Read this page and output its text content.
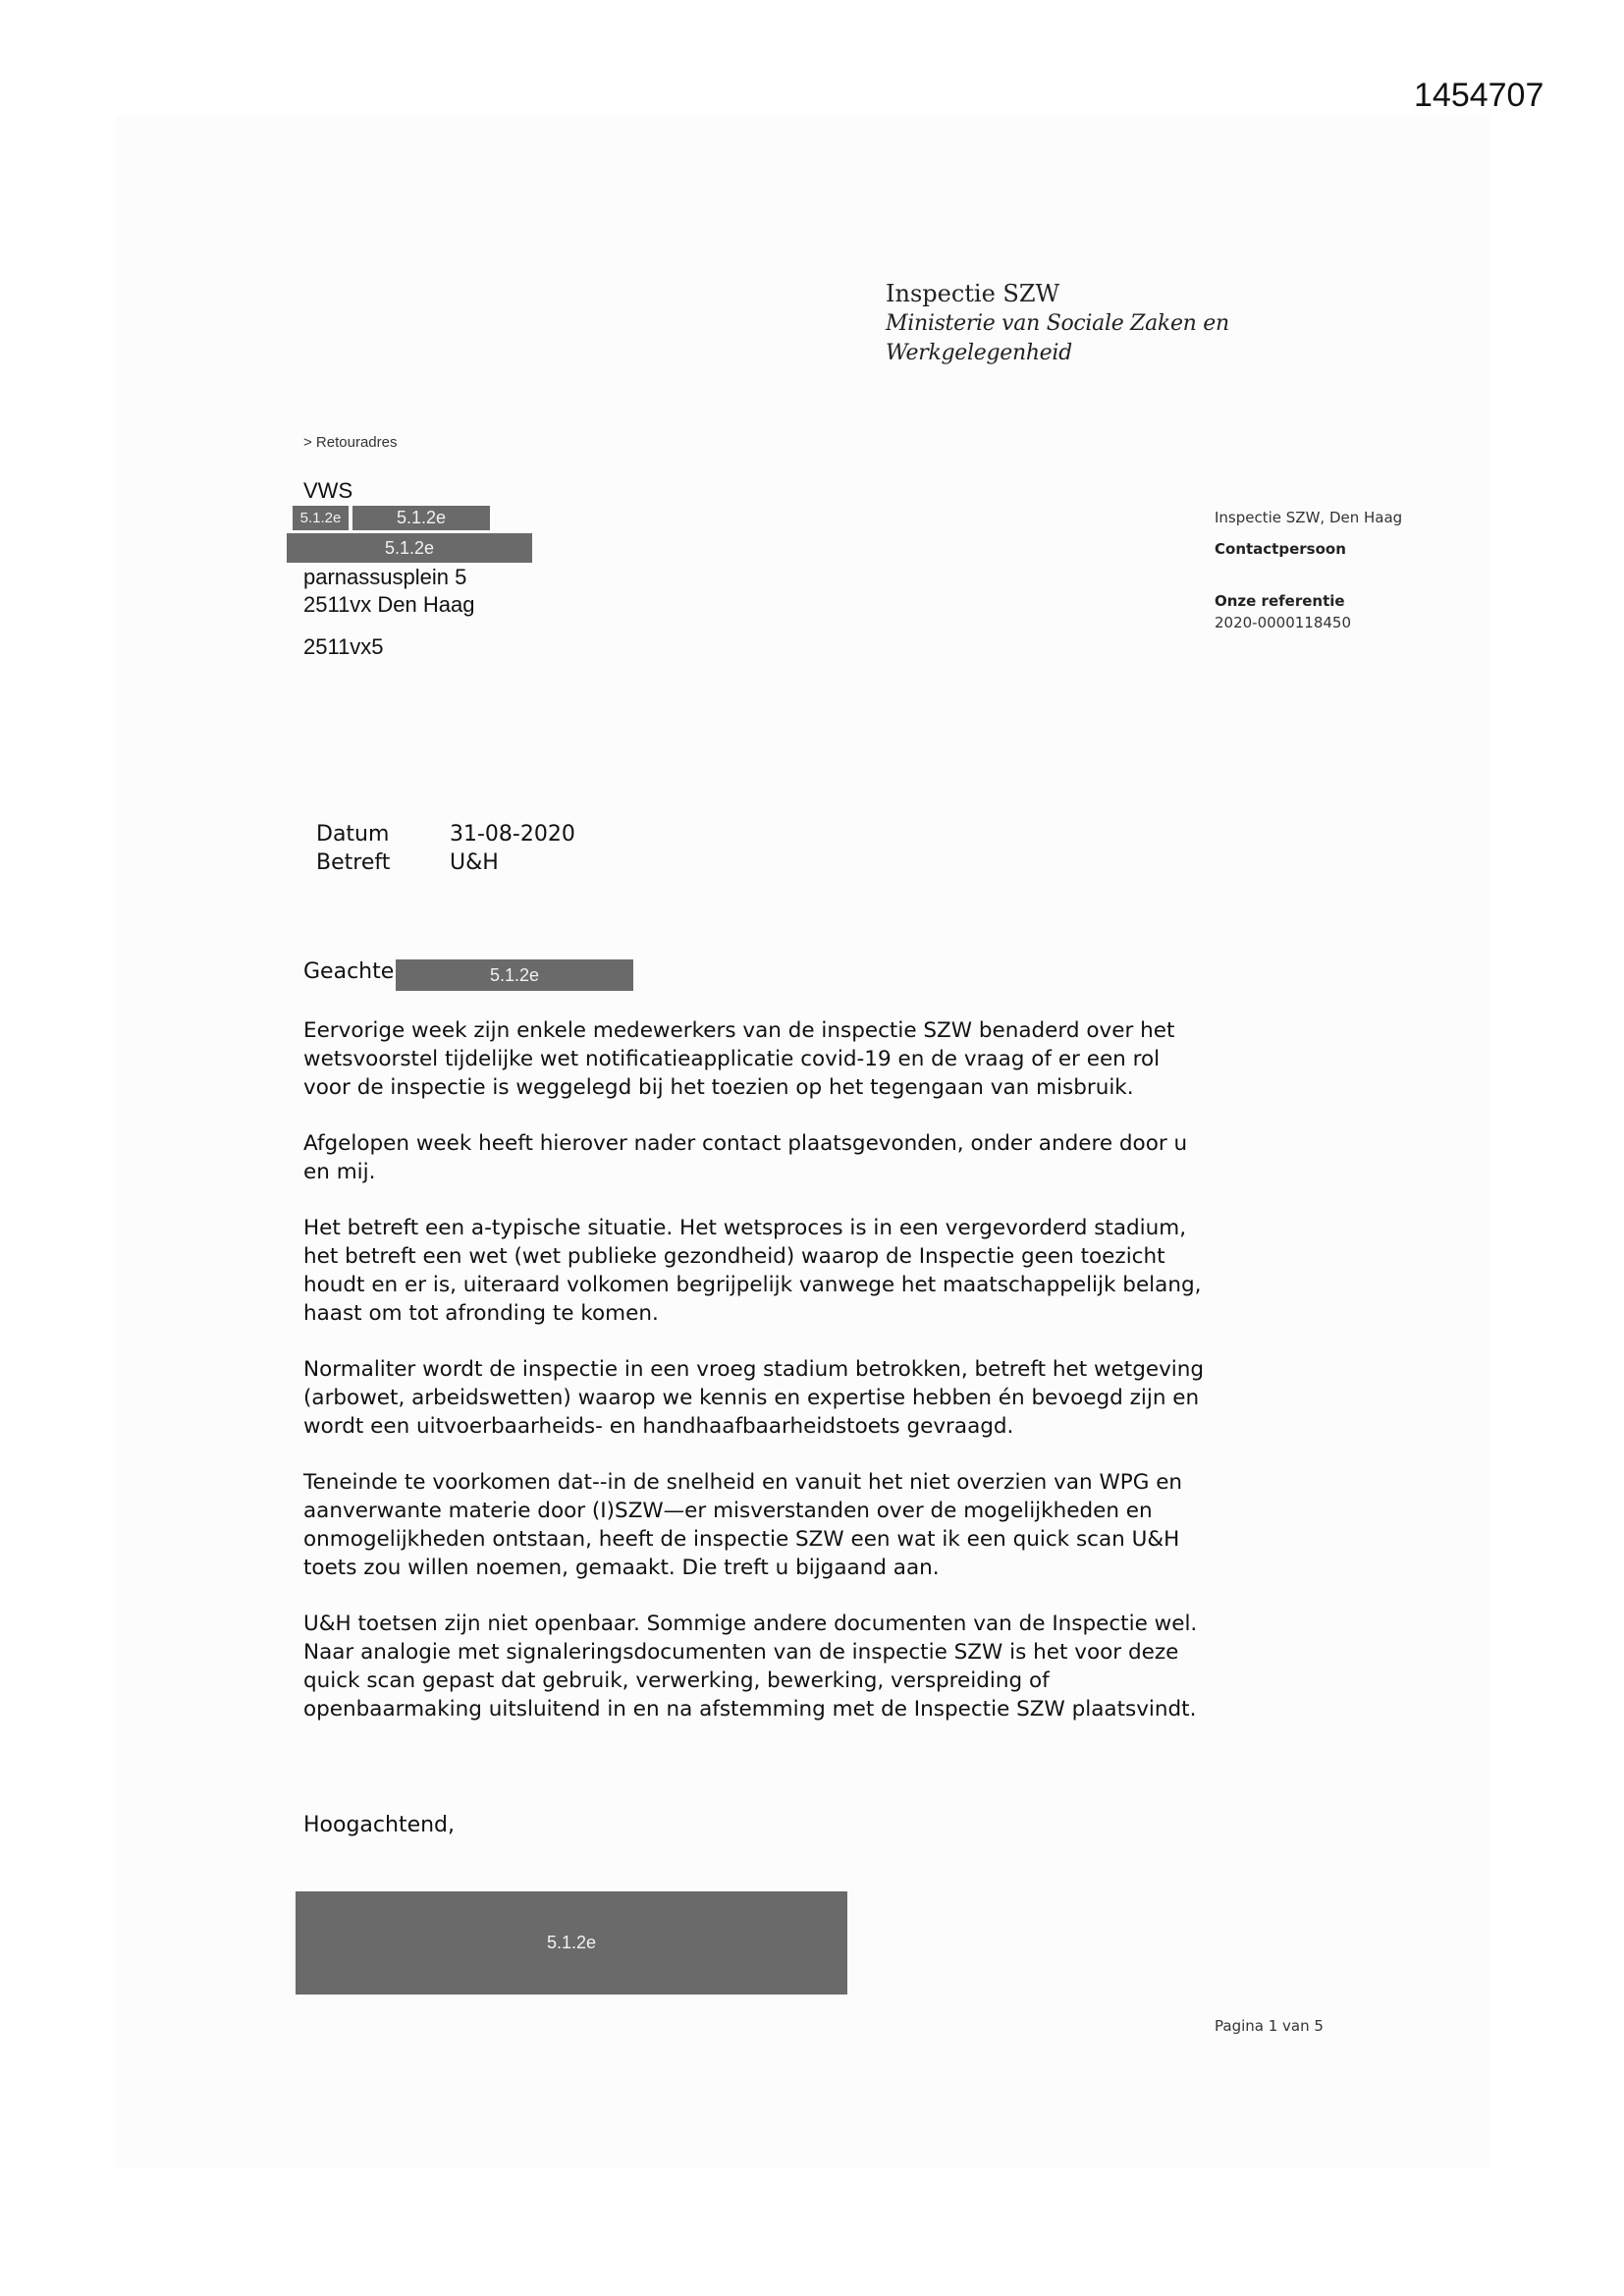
1454707
Inspectie SZW
Ministerie van Sociale Zaken en
Werkgelegenheid
> Retouradres
VWS
5.1.2e	5.1.2e
5.1.2e
parnassusplein 5
2511vx Den Haag
2511vx5
Inspectie SZW, Den Haag
Contactpersoon
Onze referentie
2020-0000118450
Datum	31-08-2020
Betreft	U&H
Geachte	5.1.2e

Eervorige week zijn enkele medewerkers van de inspectie SZW benaderd over het wetsvoorstel tijdelijke wet notificatieapplicatie covid-19 en de vraag of er een rol voor de inspectie is weggelegd bij het toezien op het tegengaan van misbruik.

Afgelopen week heeft hierover nader contact plaatsgevonden, onder andere door u en mij.

Het betreft een a-typische situatie. Het wetsproces is in een vergevorderd stadium, het betreft een wet (wet publieke gezondheid) waarop de Inspectie geen toezicht houdt en er is, uiteraard volkomen begrijpelijk vanwege het maatschappelijk belang, haast om tot afronding te komen.

Normaliter wordt de inspectie in een vroeg stadium betrokken, betreft het wetgeving (arbowet, arbeidswetten) waarop we kennis en expertise hebben én bevoegd zijn en wordt een uitvoerbaarheids- en handhaafbaarheidstoets gevraagd.

Teneinde te voorkomen dat--in de snelheid en vanuit het niet overzien van WPG en aanverwante materie door (I)SZW—er misverstanden over de mogelijkheden en onmogelijkheden ontstaan, heeft de inspectie SZW een wat ik een quick scan U&H toets zou willen noemen, gemaakt. Die treft u bijgaand aan.

U&H toetsen zijn niet openbaar. Sommige andere documenten van de Inspectie wel. Naar analogie met signaleringsdocumenten van de inspectie SZW is het voor deze quick scan gepast dat gebruik, verwerking, bewerking, verspreiding of openbaarmaking uitsluitend in en na afstemming met de Inspectie SZW plaatsvindt.

Hoogachtend,
5.1.2e
Pagina 1 van 5
